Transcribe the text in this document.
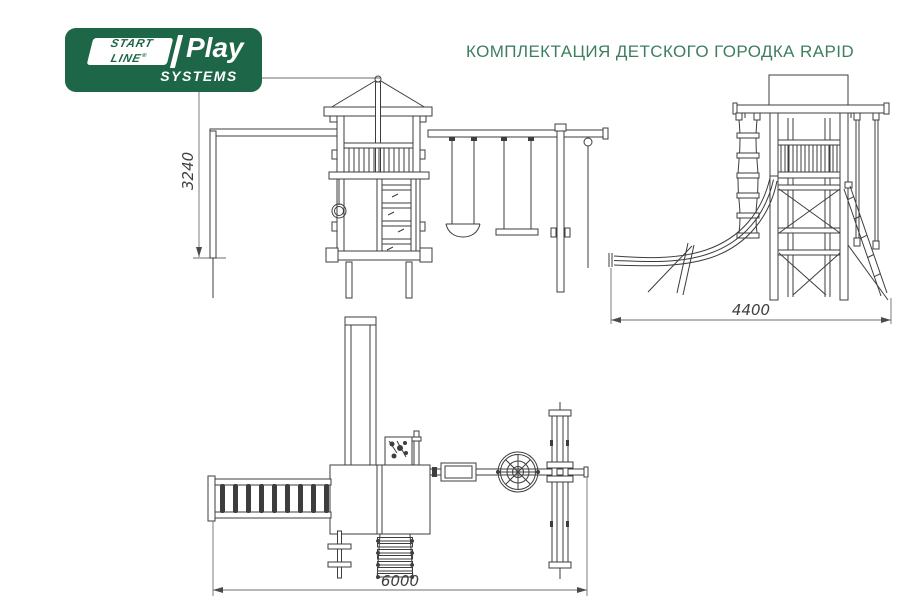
START
LINE® Play
SYSTEMS
КОМПЛЕКТАЦИЯ ДЕТСКОГО ГОРОДКА RAPID
3240
4400
6000
